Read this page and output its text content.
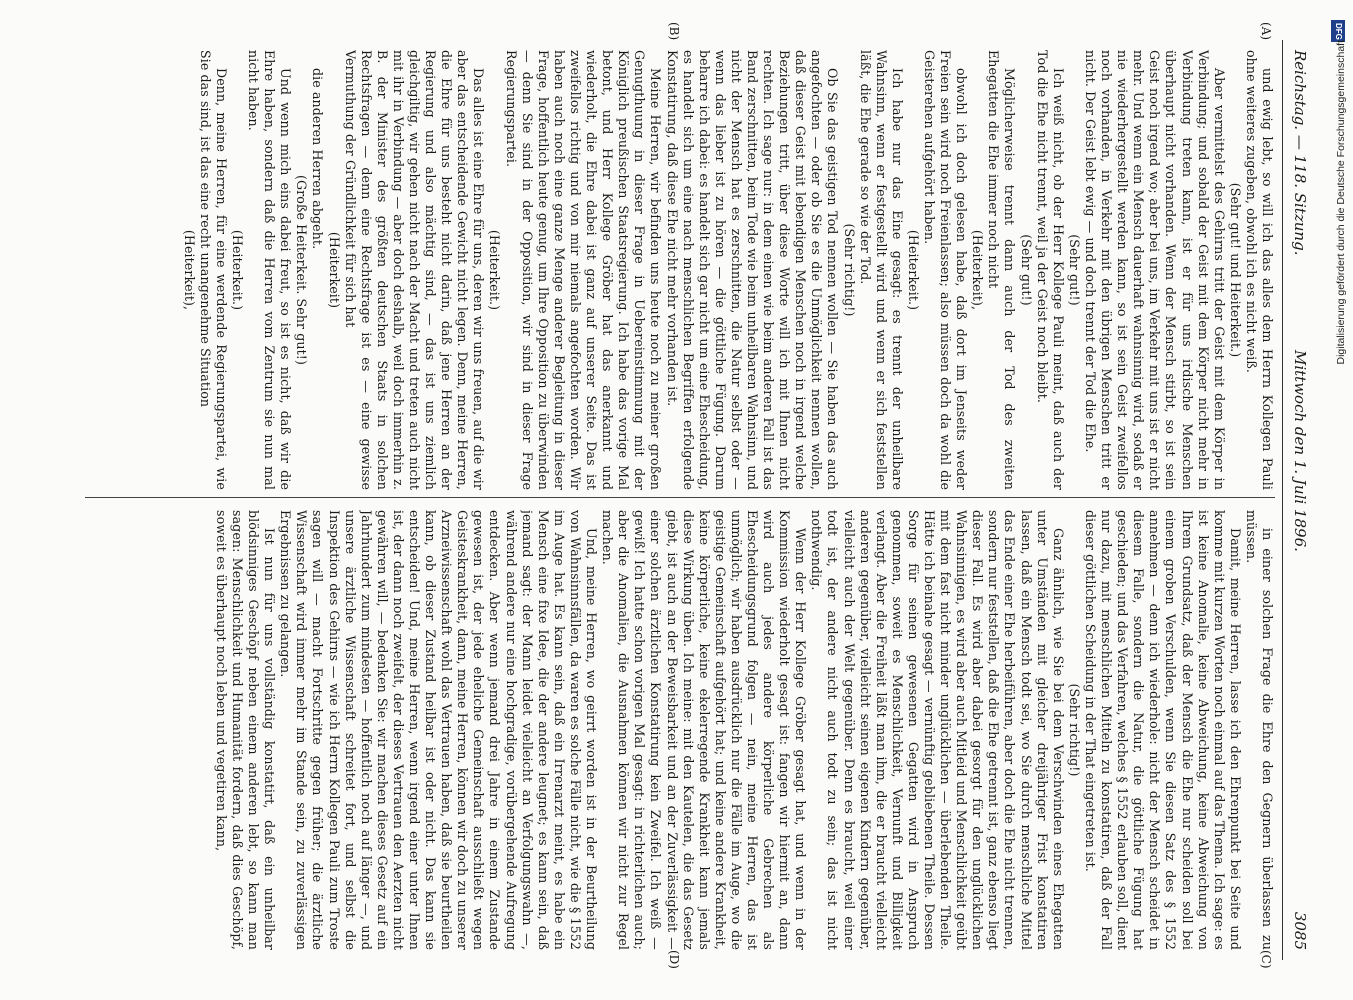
Reichstag. — 118. Sitzung.
Mittwoch den 1. Juli 1896.
3085
(A)
(B)
(C)
(D)

und ewig lebt, so will ich das alles dem Herrn Kollegen Pauli ohne weiteres zugeben, obwohl ich es nicht weiß.

(Sehr gut! und Heiterkeit.)

Aber vermittelst des Gehirns tritt der Geist mit dem Körper in Verbindung; und sobald der Geist mit dem Körper nicht mehr in Verbindung treten kann, ist er für uns irdische Menschen überhaupt nicht vorhanden. Wenn der Mensch stirbt, so ist sein Geist noch irgend wo; aber bei uns, im Verkehr mit uns ist er nicht mehr. Und wenn ein Mensch dauerhaft wahnsinnig wird, sodaß er nie wiederhergestellt werden kann, so ist sein Geist zweifellos noch vorhanden, in Verkehr mit den übrigen Menschen tritt er nicht. Der Geist lebt ewig — und doch trennt der Tod die Ehe.

(Sehr gut!)

Ich weiß nicht, ob der Herr Kollege Pauli meint, daß auch der Tod die Ehe nicht trennt, weil ja der Geist noch bleibt.

(Sehr gut!)

Möglicherweise trennt dann auch der Tod des zweiten Ehegatten die Ehe immer noch nicht

(Heiterkeit),

obwohl ich doch gelesen habe, daß dort im Jenseits weder Freien sein wird noch Freienlassen; also müssen doch da wohl die Geisterehen aufgehört haben.

(Heiterkeit.)

Ich habe nur das Eine gesagt: es trennt der unheilbare Wahnsinn, wenn er festgestellt wird und wenn er sich feststellen läßt, die Ehe gerade so wie der Tod.

(Sehr richtig!)

Ob Sie das geistigen Tod nennen wollen — Sie haben das auch angefochten — oder ob Sie es die Unmöglichkeit nennen wollen, daß dieser Geist mit lebendigen Menschen noch in irgend welche Beziehungen tritt, über diese Worte will ich mit Ihnen nicht rechten. Ich sage nur: in dem einen wie beim anderen Fall ist das Band zerschnitten, beim Tode wie beim unheilbaren Wahnsinn, und nicht der Mensch hat es zerschnitten, die Natur selbst oder — wenn das lieber ist zu hören — die göttliche Fügung. Darum beharre ich dabei: es handelt sich gar nicht um eine Ehescheidung, es handelt sich um eine nach menschlichen Begriffen erfolgende Konstatirung, daß diese Ehe nicht mehr vorhanden ist.

Meine Herren, wir befinden uns heute noch zu meiner großen Genugthuung in dieser Frage in Uebereinstimmung mit der Königlich preußischen Staatsregierung. Ich habe das vorige Mal betont, und Herr Kollege Gröber hat das anerkannt und wiederholt, die Ehre dabei ist ganz auf unserer Seite. Das ist zweifellos richtig und von mir niemals angefochten worden. Wir haben auch noch eine ganze Menge anderer Begleitung in dieser Frage, hoffentlich heute genug, um Ihre Opposition zu überwinden — denn Sie sind in der Opposition, wir sind in dieser Frage Regierungspartei.

(Heiterkeit.)

Das alles ist eine Ehre für uns, deren wir uns freuen, auf die wir aber das entscheidende Gewicht nicht legen. Denn, meine Herren, die Ehre für uns besteht nicht darin, daß jene Herren an der Regierung und also mächtig sind, — das ist uns ziemlich gleichgiltig, wir gehen nicht nach der Macht und treten auch nicht mit ihr in Verbindung — aber doch deshalb, weil doch immerhin z. B. der Minister des größten deutschen Staats in solchen Rechtsfragen — denn eine Rechtsfrage ist es — eine gewisse Vermuthung der Gründlichkeit für sich hat

(Heiterkeit)

die anderen Herren abgeht.

(Große Heiterkeit. Sehr gut!)

Und wenn mich eins dabei freut, so ist es nicht, daß wir die Ehre haben, sondern daß die Herren vom Zentrum sie nun mal nicht haben.

(Heiterkeit.)

Denn, meine Herren, für eine werdende Regierungspartei, wie Sie das sind, ist das eine recht unangenehme Situation

(Heiterkeit),

in einer solchen Frage die Ehre den Gegnern überlassen zu müssen.

Damit, meine Herren, lasse ich den Ehrenpunkt bei Seite und komme mit kurzen Worten noch einmal auf das Thema. Ich sage: es ist keine Anomalie, keine Abweichung, keine Abweichung von Ihrem Grundsatz, daß der Mensch die Ehe nur scheiden soll bei einem groben Verschulden, wenn Sie diesen Satz des § 1552 annehmen — denn ich wiederhole: nicht der Mensch scheidet in diesem Falle, sondern die Natur, die göttliche Fügung hat geschieden; und das Verfahren, welches § 1552 erlauben soll, dient nur dazu, mit menschlichen Mitteln zu konstatiren, daß der Fall dieser göttlichen Scheidung in der That eingetreten ist.

(Sehr richtig!)

Ganz ähnlich, wie Sie bei dem Verschwinden eines Ehegatten unter Umständen mit gleicher dreijähriger Frist konstatiren lassen, daß ein Mensch todt sei, wo Sie durch menschliche Mittel das Ende einer Ehe herbeiführen, aber doch die Ehe nicht trennen, sondern nur feststellen, daß die Ehe getrennt ist, ganz ebenso liegt dieser Fall. Es wird aber dabei gesorgt für den unglücklichen Wahnsinnigen, es wird aber auch Mitleid und Menschlichkeit geübt mit dem fast nicht minder unglücklichen — überlebenden Theile. Hätte ich beinahe gesagt — vernünftig gebliebenen Theile. Dessen Sorge für seinen gewesenen Gegatten wird in Anspruch genommen, soweit es Menschlichkeit, Vernunft und Billigkeit verlangt. Aber die Freiheit läßt man ihm, die er braucht vielleicht anderen gegenüber, vielleicht seinen eigenen Kindern gegenüber, vielleicht auch der Welt gegenüber. Denn es braucht, weil einer todt ist, der andere nicht auch todt zu sein; das ist nicht nothwendig.

Wenn der Herr Kollege Gröber gesagt hat, und wenn in der Kommission wiederholt gesagt ist: fangen wir hiermit an, dann wird auch jedes andere körperliche Gebrechen als Ehescheidungsgrund folgen — nein, meine Herren, das ist unmöglich; wir haben ausdrücklich nur die Fälle im Auge, wo die geistige Gemeinschaft aufgehört hat; und keine andere Krankheit, keine körperliche, keine ekelerregende Krankheit kann jemals diese Wirkung üben. Ich meine: mit den Kautelen, die das Gesetz giebt, ist auch an der Beweisbarkeit und an der Zuverlässigkeit — einer solchen ärztlichen Konstatirung kein Zweifel. Ich weiß — gewiß! Ich hatte schon vorigen Mal gesagt: in richterlichen auch; aber die Anomalien, die Ausnahmen können wir nicht zur Regel machen.

Und, meine Herren, wo geirrt worden ist in der Beurtheilung von Wahnsinnsfällen, da waren es solche Fälle nicht, wie die § 1552 im Auge hat. Es kann sein, daß ein Irrenarzt meint, es habe ein Mensch eine fixe Idee, die der andere leugnet; es kann sein, daß jemand sagt: der Mann leidet vielleicht an Verfolgungswahn —, während andere nur eine hochgradige, vorübergehende Aufregung entdecken. Aber wenn jemand drei Jahre in einem Zustande gewesen ist, der jede eheliche Gemeinschaft ausschließt wegen Geisteskrankheit, dann, meine Herren, können wir doch zu unserer Arzneiwissenschaft wohl das Vertrauen haben, daß sie beurtheilen kann, ob dieser Zustand heilbar ist oder nicht. Das kann sie entscheiden! Und, meine Herren, wenn irgend einer unter Ihnen ist, der dann noch zweifelt, der dieses Vertrauen den Aerzten nicht gewähren will, — bedenken Sie: wir machen dieses Gesetz auf ein Jahrhundert zum mindesten — hoffentlich noch auf länger —, und unsere ärztliche Wissenschaft schreitet fort, und selbst die Inspektion des Gehirns — wie ich Herrn Kollegen Pauli zum Troste sagen will — macht Fortschritte gegen früher; die ärztliche Wissenschaft wird immer mehr im Stande sein, zu zuverlässigen Ergebnissen zu gelangen.

Ist nun für uns vollständig konstatirt, daß ein unheilbar blödsinniges Geschöpf neben einem anderen lebt, so kann man sagen: Menschlichkeit und Humanität fordern, daß dies Geschöpf, soweit es überhaupt noch leben und vegetiren kann,

DFG
Digitalisierung gefördert durch die Deutsche Forschungsgemeinschaft
